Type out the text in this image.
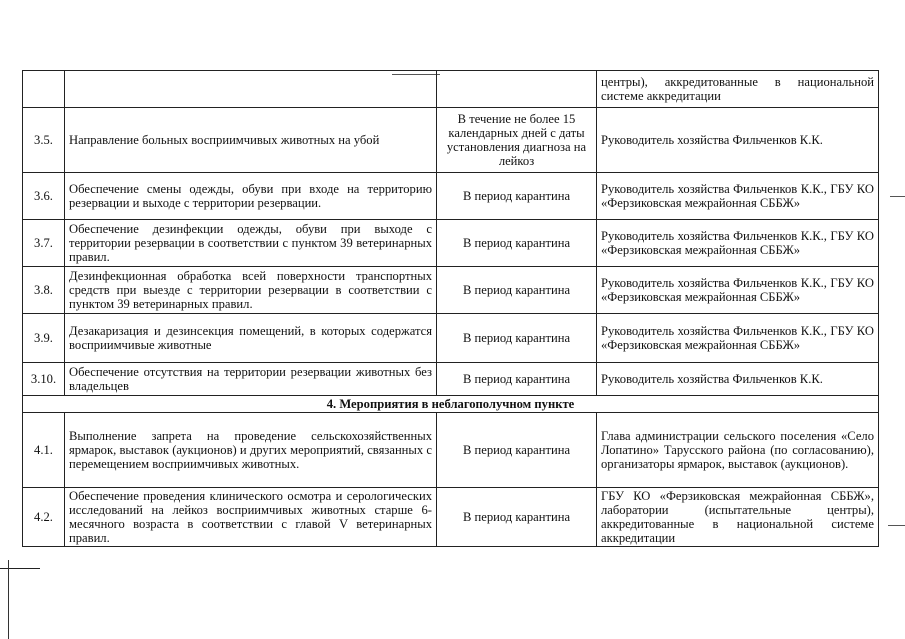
			центры), аккредитованные в национальной системе аккредитации
3.5.	Направление больных восприимчивых животных на убой	В течение не более 15 календарных дней с даты установления диагноза на лейкоз	Руководитель хозяйства Фильченков К.К.
3.6.	Обеспечение смены одежды, обуви при входе на территорию резервации и выходе с территории резервации.	В период карантина	Руководитель хозяйства Фильченков К.К., ГБУ КО «Ферзиковская межрайонная СББЖ»
3.7.	Обеспечение дезинфекции одежды, обуви при выходе с территории резервации в соответствии с пунктом 39 ветеринарных правил.	В период карантина	Руководитель хозяйства Фильченков К.К., ГБУ КО «Ферзиковская межрайонная СББЖ»
3.8.	Дезинфекционная обработка всей поверхности транспортных средств при выезде с территории резервации в соответствии с пунктом 39 ветеринарных правил.	В период карантина	Руководитель хозяйства Фильченков К.К., ГБУ КО «Ферзиковская межрайонная СББЖ»
3.9.	Дезакаризация и дезинсекция помещений, в которых содержатся восприимчивые животные	В период карантина	Руководитель хозяйства Фильченков К.К., ГБУ КО «Ферзиковская межрайонная СББЖ»
3.10.	Обеспечение отсутствия на территории резервации животных без владельцев	В период карантина	Руководитель хозяйства Фильченков К.К.
4. Мероприятия в неблагополучном пункте			
4.1.	Выполнение запрета на проведение сельскохозяйственных ярмарок, выставок (аукционов) и других мероприятий, связанных с перемещением восприимчивых животных.	В период карантина	Глава администрации сельского поселения «Село Лопатино» Тарусского района (по согласованию), организаторы ярмарок, выставок (аукционов).
4.2.	Обеспечение проведения клинического осмотра и серологических исследований на лейкоз восприимчивых животных старше 6-месячного возраста в соответствии с главой V ветеринарных правил.	В период карантина	ГБУ КО «Ферзиковская межрайонная СББЖ», лаборатории (испытательные центры), аккредитованные в национальной системе аккредитации
